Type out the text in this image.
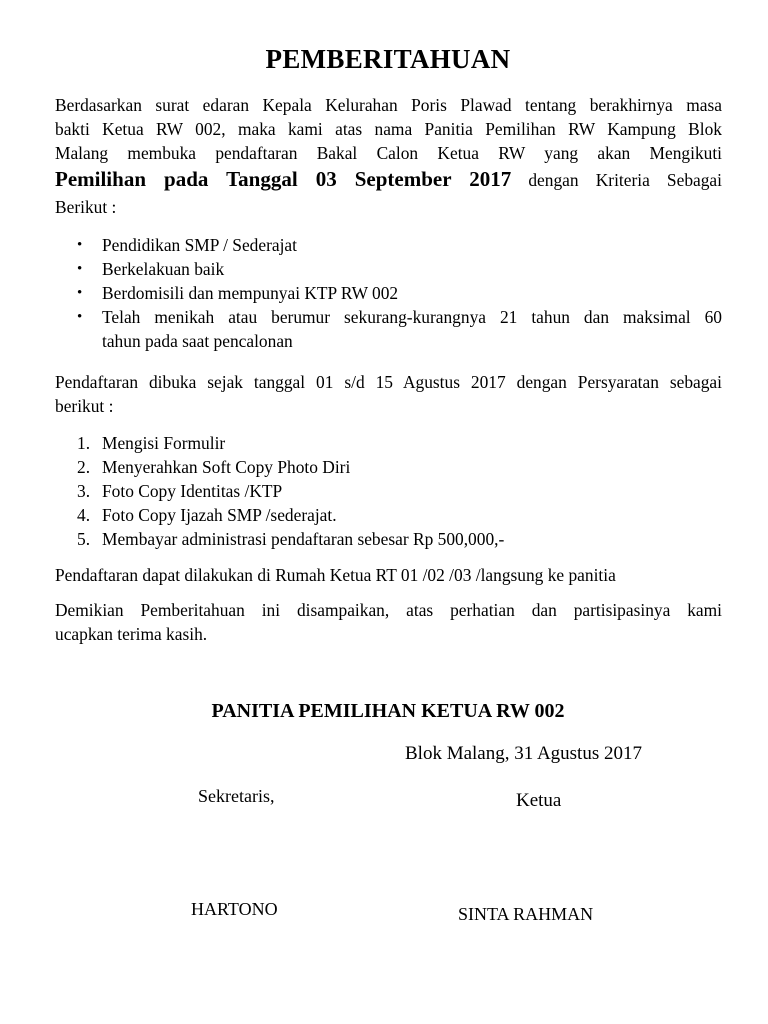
PEMBERITAHUAN
Berdasarkan surat edaran Kepala Kelurahan Poris Plawad tentang berakhirnya masa
bakti Ketua RW 002, maka kami atas nama Panitia Pemilihan RW Kampung Blok
Malang membuka pendaftaran Bakal Calon Ketua RW yang akan Mengikuti
Pemilihan pada Tanggal 03 September 2017 dengan Kriteria Sebagai
Berikut :
• Pendidikan SMP / Sederajat
• Berkelakuan baik
• Berdomisili dan mempunyai KTP RW 002
• Telah menikah atau berumur sekurang-kurangnya 21 tahun dan maksimal 60
tahun pada saat pencalonan
Pendaftaran dibuka sejak tanggal 01 s/d 15 Agustus 2017 dengan Persyaratan sebagai
berikut :
1. Mengisi Formulir
2. Menyerahkan Soft Copy Photo Diri
3. Foto Copy Identitas /KTP
4. Foto Copy Ijazah SMP /sederajat.
5. Membayar administrasi pendaftaran sebesar Rp 500,000,-
Pendaftaran dapat dilakukan di Rumah Ketua RT 01 /02 /03 /langsung ke panitia
Demikian Pemberitahuan ini disampaikan, atas perhatian dan partisipasinya kami
ucapkan terima kasih.
PANITIA PEMILIHAN KETUA RW 002
Blok Malang, 31 Agustus 2017
Sekretaris,	Ketua
HARTONO	SINTA RAHMAN
